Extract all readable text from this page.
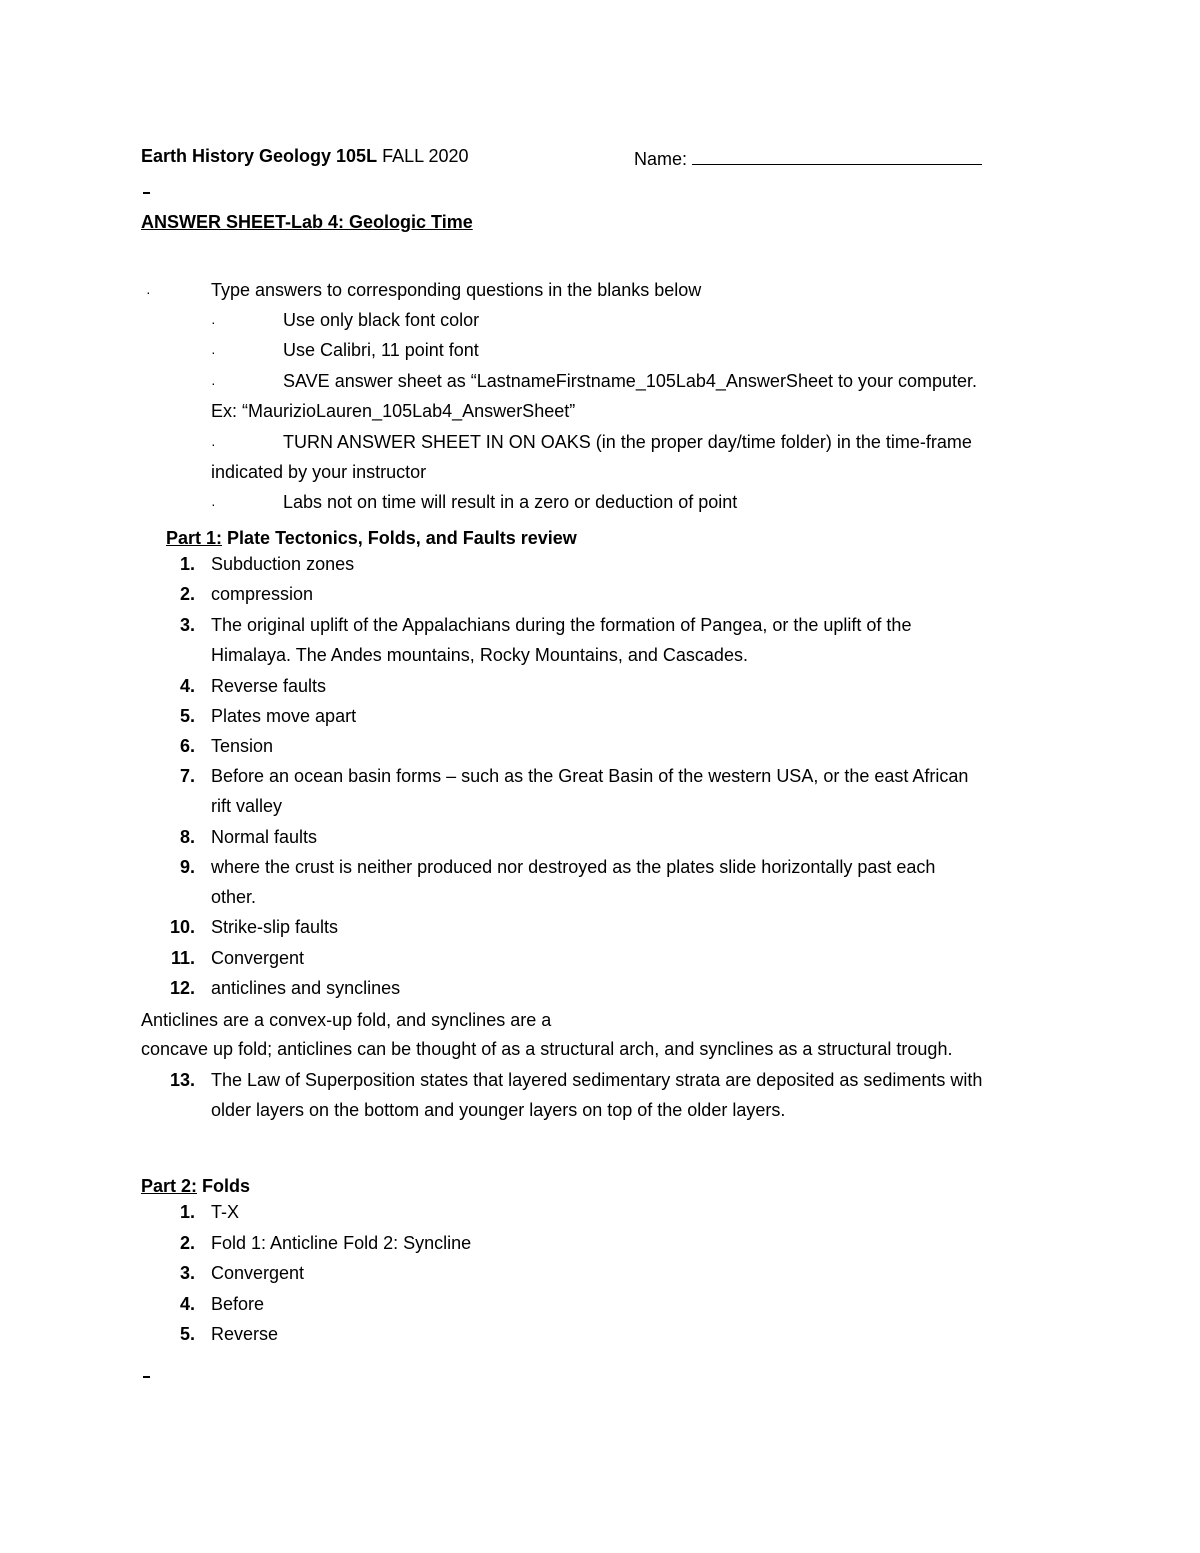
Earth History Geology 105L FALL 2020	Name:
ANSWER SHEET-Lab 4: Geologic Time
·	Type answers to corresponding questions in the blanks below
·	Use only black font color
·	Use Calibri, 11 point font
·	SAVE answer sheet as “LastnameFirstname_105Lab4_AnswerSheet to your computer.
Ex: “MaurizioLauren_105Lab4_AnswerSheet”
·	TURN ANSWER SHEET IN ON OAKS (in the proper day/time folder) in the time-frame
indicated by your instructor
·	Labs not on time will result in a zero or deduction of point
Part 1: Plate Tectonics, Folds, and Faults review
1. Subduction zones
2. compression
3. The original uplift of the Appalachians during the formation of Pangea, or the uplift of the
Himalaya. The Andes mountains, Rocky Mountains, and Cascades.
4. Reverse faults
5. Plates move apart
6. Tension
7. Before an ocean basin forms – such as the Great Basin of the western USA, or the east African
rift valley
8. Normal faults
9. where the crust is neither produced nor destroyed as the plates slide horizontally past each
other.
10. Strike-slip faults
11. Convergent
12. anticlines and synclines
Anticlines are a convex-up fold, and synclines are a
concave up fold; anticlines can be thought of as a structural arch, and synclines as a structural trough.
13. The Law of Superposition states that layered sedimentary strata are deposited as sediments with
older layers on the bottom and younger layers on top of the older layers.
Part 2: Folds
1. T-X
2. Fold 1: Anticline Fold 2: Syncline
3. Convergent
4. Before
5. Reverse
